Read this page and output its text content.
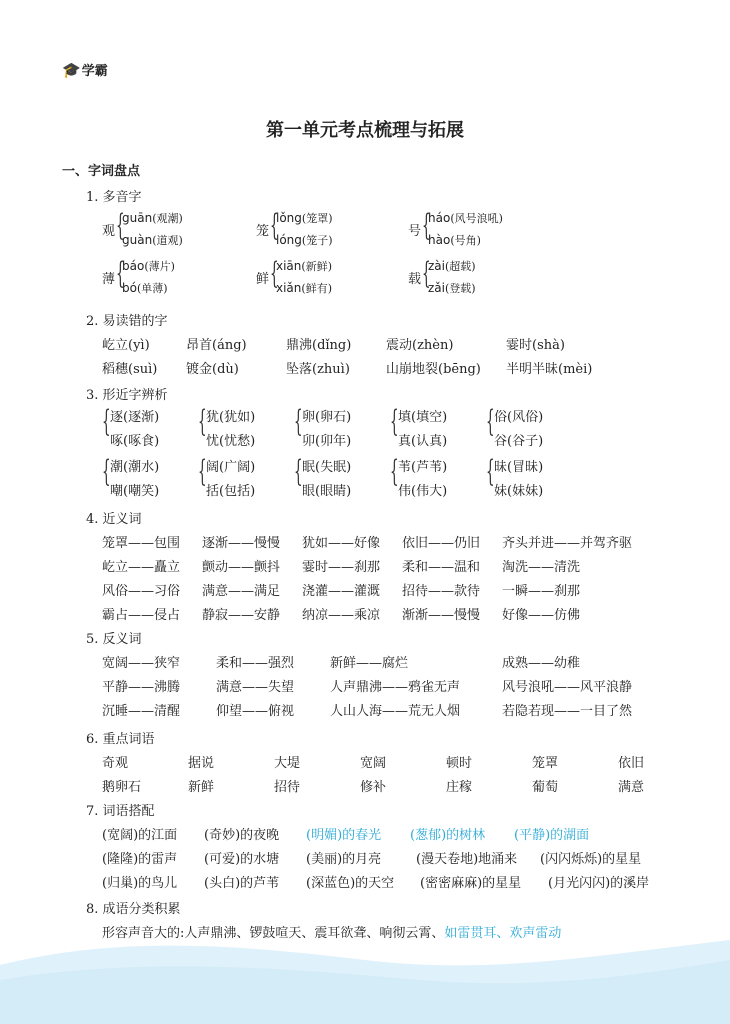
🎓 学霸
第一单元考点梳理与拓展
一、字词盘点
1. 多音字
观 {
guān(观潮)
guàn(道观)
笼 {
lǒng(笼罩)
lóng(笼子)
号 {
háo(风号浪吼)
hào(号角)
薄 {
báo(薄片)
bó(单薄)
鲜 {
xiān(新鲜)
xiǎn(鲜有)
载 {
zài(超载)
zǎi(登载)
2. 易读错的字
屹立(yì)	昂首(áng)	鼎沸(dǐng)	震动(zhèn)	霎时(shà)
稻穗(suì) 镀金(dù)	坠落(zhuì)	山崩地裂(bēng) 半明半昧(mèi)
3. 形近字辨析
{ 逐(逐渐)
啄(啄食)
{ 犹(犹如)
忧(忧愁)
{ 卵(卵石)
卯(卯年)
{ 填(填空)
真(认真)
{ 俗(风俗)
谷(谷子)
{ 潮(潮水)
嘲(嘲笑)
{ 阔(广阔)
括(包括)
{ 眠(失眠)
眼(眼睛)
{ 苇(芦苇)
伟(伟大)
{ 昧(冒昧)
妹(妹妹)
4. 近义词
笼罩——包围 逐渐——慢慢 犹如——好像 依旧——仍旧 齐头并进——并驾齐驱
屹立——矗立 颤动——颤抖 霎时——刹那 柔和——温和 淘洗——清洗
风俗——习俗 满意——满足 浇灌——灌溉 招待——款待 一瞬——刹那
霸占——侵占 静寂——安静 纳凉——乘凉 渐渐——慢慢 好像——仿佛
5. 反义词
宽阔——狭窄	柔和——强烈	新鲜——腐烂	成熟——幼稚
平静——沸腾	满意——失望	人声鼎沸——鸦雀无声	风号浪吼——风平浪静
沉睡——清醒	仰望——俯视	人山人海——荒无人烟	若隐若现——一目了然
6. 重点词语
奇观	据说	大堤	宽阔	顿时	笼罩	依旧
鹅卵石	新鲜	招待	修补	庄稼	葡萄	满意
7. 词语搭配
(宽阔)的江面 (奇妙)的夜晚 (明媚)的春光 (葱郁)的树林 (平静)的湖面
(隆隆)的雷声 (可爱)的水塘 (美丽)的月亮	(漫天卷地)地涌来 (闪闪烁烁)的星星
(归巢)的鸟儿 (头白)的芦苇 (深蓝色)的天空 (密密麻麻)的星星 (月光闪闪)的溪岸
8. 成语分类积累
形容声音大的:人声鼎沸、锣鼓喧天、震耳欲聋、响彻云霄、如雷贯耳、欢声雷动
